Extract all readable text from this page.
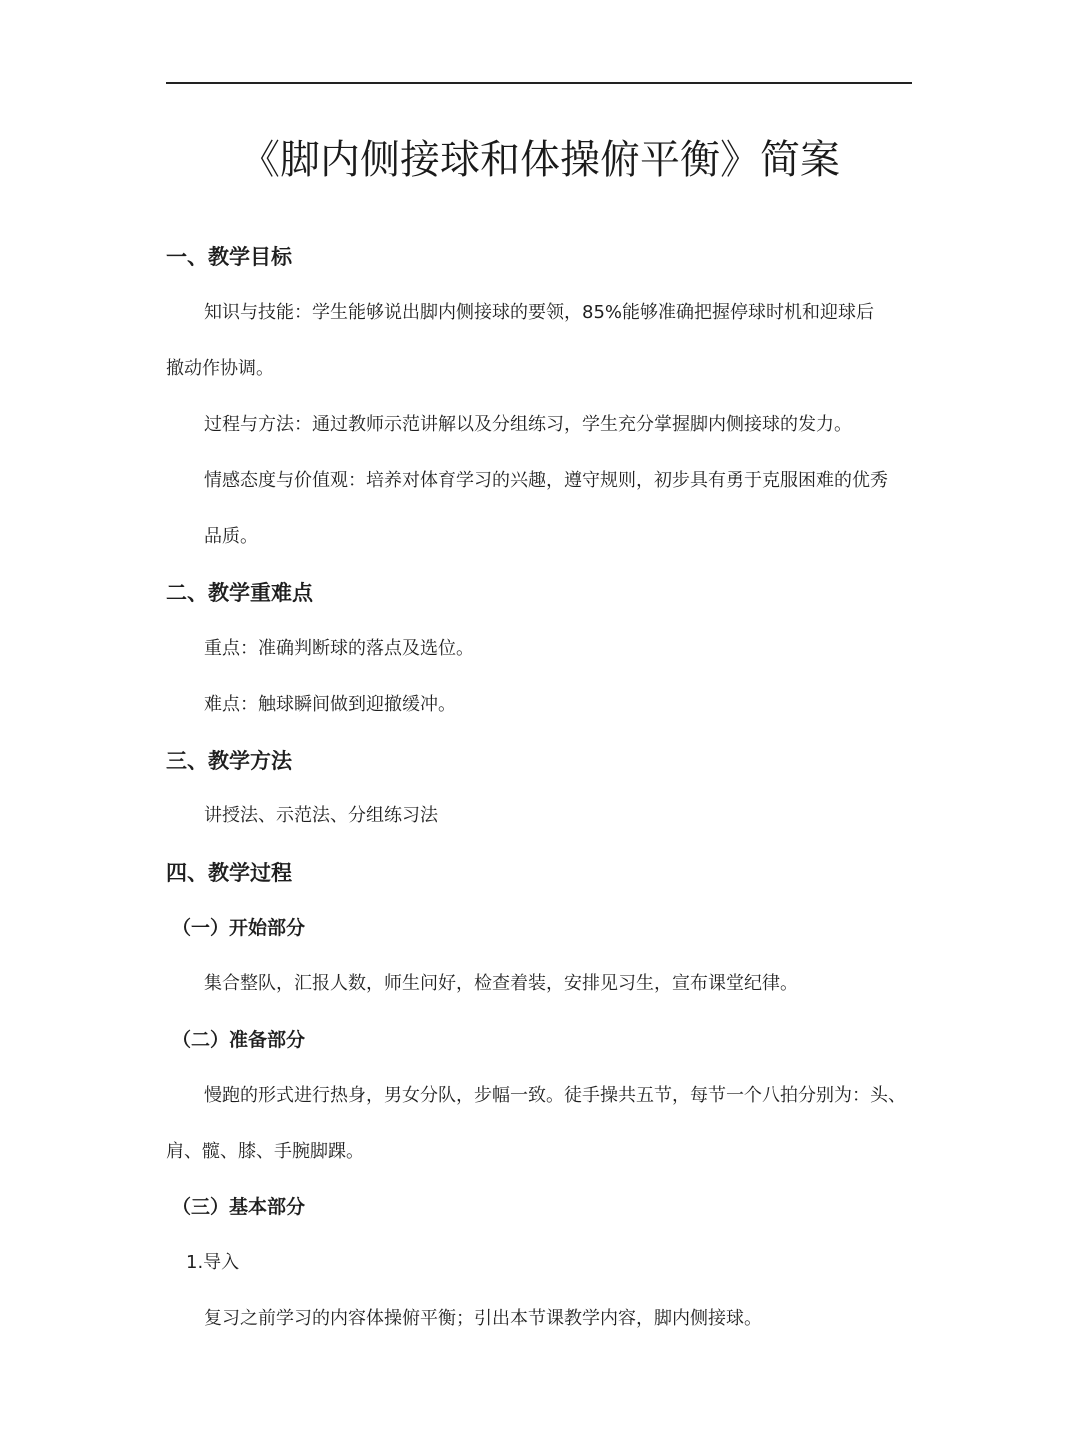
《脚内侧接球和体操俯平衡》简案
一、教学目标
知识与技能：学生能够说出脚内侧接球的要领，85%能够准确把握停球时机和迎球后
撤动作协调。
过程与方法：通过教师示范讲解以及分组练习，学生充分掌握脚内侧接球的发力。
情感态度与价值观：培养对体育学习的兴趣，遵守规则，初步具有勇于克服困难的优秀
品质。
二、教学重难点
重点：准确判断球的落点及选位。
难点：触球瞬间做到迎撤缓冲。
三、教学方法
讲授法、示范法、分组练习法
四、教学过程
（一）开始部分
集合整队，汇报人数，师生问好，检查着装，安排见习生，宣布课堂纪律。
（二）准备部分
慢跑的形式进行热身，男女分队，步幅一致。徒手操共五节，每节一个八拍分别为：头、
肩、髋、膝、手腕脚踝。
（三）基本部分
1.导入
复习之前学习的内容体操俯平衡；引出本节课教学内容，脚内侧接球。
